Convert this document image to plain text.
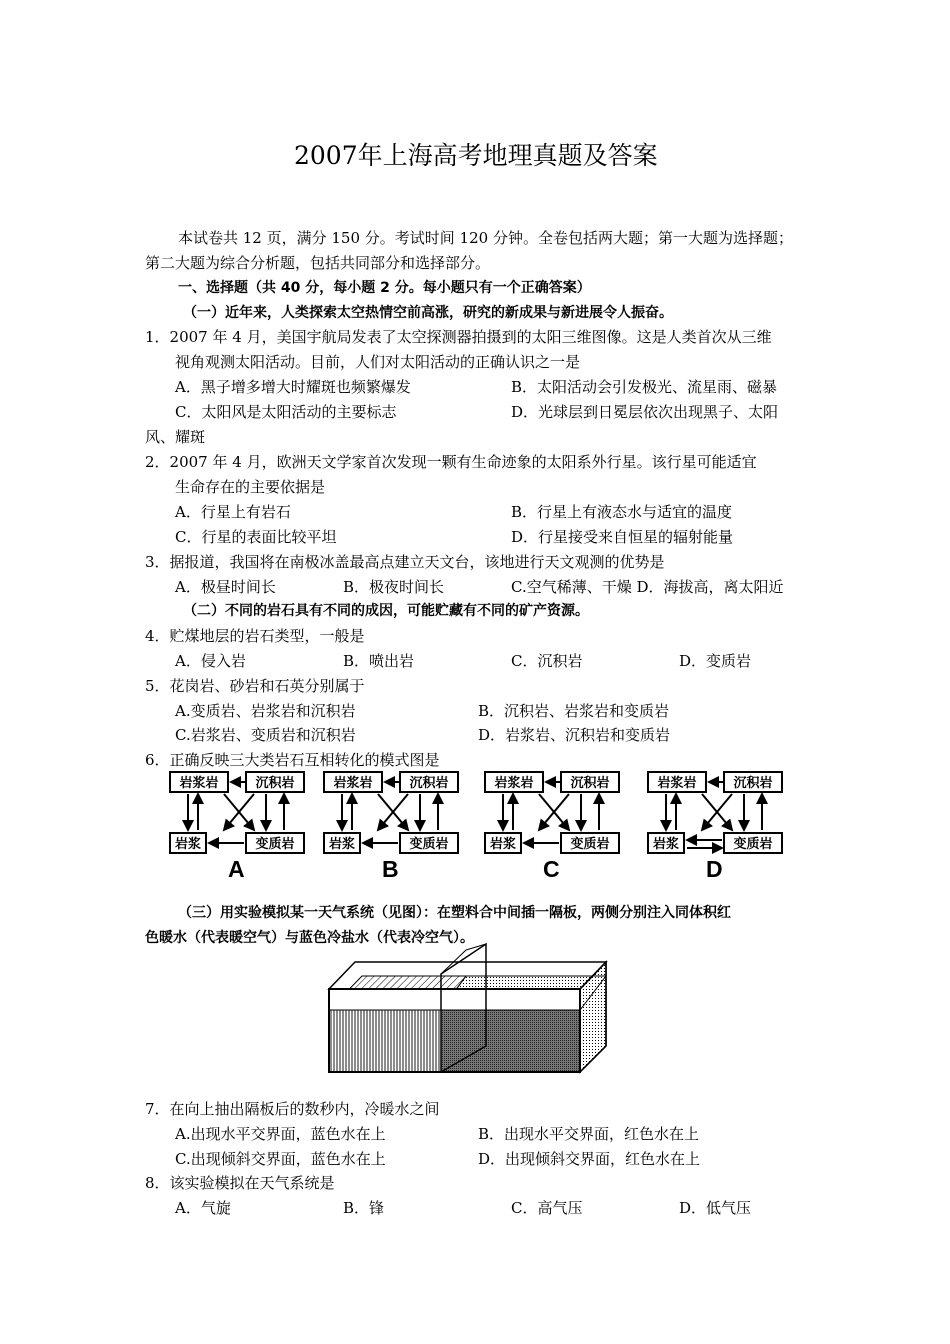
2007年上海高考地理真题及答案
本试卷共 12 页，满分 150 分。考试时间 120 分钟。全卷包括两大题；第一大题为选择题；
第二大题为综合分析题，包括共同部分和选择部分。
一、选择题（共 40 分，每小题 2 分。每小题只有一个正确答案）
（一）近年来，人类探索太空热情空前高涨，研究的新成果与新进展令人振奋。
1．2007 年 4 月，美国宇航局发表了太空探测器拍摄到的太阳三维图像。这是人类首次从三维
视角观测太阳活动。目前，人们对太阳活动的正确认识之一是
A．黑子增多增大时耀斑也频繁爆发	B．太阳活动会引发极光、流星雨、磁暴
C．太阳风是太阳活动的主要标志	D．光球层到日冕层依次出现黑子、太阳
风、耀斑
2．2007 年 4 月，欧洲天文学家首次发现一颗有生命迹象的太阳系外行星。该行星可能适宜
生命存在的主要依据是
A．行星上有岩石	B．行星上有液态水与适宜的温度
C．行星的表面比较平坦	D．行星接受来自恒星的辐射能量
3．据报道，我国将在南极冰盖最高点建立天文台，该地进行天文观测的优势是
A．极昼时间长	B．极夜时间长	C.空气稀薄、干燥 D．海拔高，离太阳近
（二）不同的岩石具有不同的成因，可能贮藏有不同的矿产资源。
4．贮煤地层的岩石类型，一般是
A．侵入岩	B．喷出岩	C．沉积岩	D．变质岩
5．花岗岩、砂岩和石英分别属于
A.变质岩、岩浆岩和沉积岩	B．沉积岩、岩浆岩和变质岩
C.岩浆岩、变质岩和沉积岩	D．岩浆岩、沉积岩和变质岩
6．正确反映三大类岩石互相转化的模式图是
岩浆岩	沉积岩
岩浆	变质岩
A
岩浆岩	沉积岩
岩浆	变质岩
B
岩浆岩	沉积岩
岩浆	变质岩
C
岩浆岩	沉积岩
岩浆	变质岩
D
（三）用实验模拟某一天气系统（见图）：在塑料合中间插一隔板，两侧分别注入同体积红
色暖水（代表暖空气）与蓝色冷盐水（代表冷空气）。
7．在向上抽出隔板后的数秒内，冷暖水之间
A.出现水平交界面，蓝色水在上	B．出现水平交界面，红色水在上
C.出现倾斜交界面，蓝色水在上	D．出现倾斜交界面，红色水在上
8．该实验模拟在天气系统是
A．气旋	B．锋	C．高气压	D．低气压
